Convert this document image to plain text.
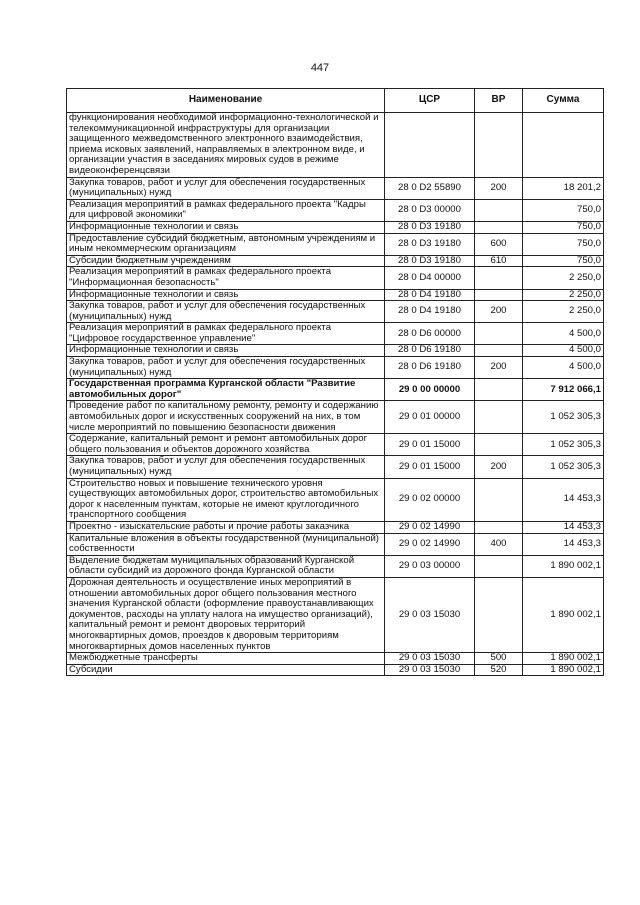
447
Наименование	ЦСР	ВР	Сумма
функционирования необходимой информационно-технологической и телекоммуникационной инфраструктуры для организации защищенного межведомственного электронного взаимодействия, приема исковых заявлений, направляемых в электронном виде, и организации участия в заседаниях мировых судов в режиме видеоконференцсвязи			
Закупка товаров, работ и услуг для обеспечения государственных (муниципальных) нужд	28 0 D2 55890	200	18 201,2
Реализация мероприятий в рамках федерального проекта "Кадры для цифровой экономики"	28 0 D3 00000		750,0
Информационные технологии и связь	28 0 D3 19180		750,0
Предоставление субсидий бюджетным, автономным учреждениям и иным некоммерческим организациям	28 0 D3 19180	600	750,0
Субсидии бюджетным учреждениям	28 0 D3 19180	610	750,0
Реализация мероприятий в рамках федерального проекта "Информационная безопасность"	28 0 D4 00000		2 250,0
Информационные технологии и связь	28 0 D4 19180		2 250,0
Закупка товаров, работ и услуг для обеспечения государственных (муниципальных) нужд	28 0 D4 19180	200	2 250,0
Реализация мероприятий в рамках федерального проекта "Цифровое государственное управление"	28 0 D6 00000		4 500,0
Информационные технологии и связь	28 0 D6 19180		4 500,0
Закупка товаров, работ и услуг для обеспечения государственных (муниципальных) нужд	28 0 D6 19180	200	4 500,0
Государственная программа Курганской области "Развитие автомобильных дорог"	29 0 00 00000		7 912 066,1
Проведение работ по капитальному ремонту, ремонту и содержанию автомобильных дорог и искусственных сооружений на них, в том числе мероприятий по повышению безопасности движения	29 0 01 00000		1 052 305,3
Содержание, капитальный ремонт и ремонт автомобильных дорог общего пользования и объектов дорожного хозяйства	29 0 01 15000		1 052 305,3
Закупка товаров, работ и услуг для обеспечения государственных (муниципальных) нужд	29 0 01 15000	200	1 052 305,3
Строительство новых и повышение технического уровня существующих автомобильных дорог, строительство автомобильных дорог к населенным пунктам, которые не имеют круглогодичного транспортного сообщения	29 0 02 00000		14 453,3
Проектно - изыскательские работы и прочие работы заказчика	29 0 02 14990		14 453,3
Капитальные вложения в объекты государственной (муниципальной) собственности	29 0 02 14990	400	14 453,3
Выделение бюджетам муниципальных образований Курганской области субсидий из дорожного фонда Курганской области	29 0 03 00000		1 890 002,1
Дорожная деятельность и осуществление иных мероприятий в отношении автомобильных дорог общего пользования местного значения Курганской области (оформление правоустанавливающих документов, расходы на уплату налога на имущество организаций), капитальный ремонт и ремонт дворовых территорий многоквартирных домов, проездов к дворовым территориям многоквартирных домов населенных пунктов	29 0 03 15030		1 890 002,1
Межбюджетные трансферты	29 0 03 15030	500	1 890 002,1
Субсидии	29 0 03 15030	520	1 890 002,1
